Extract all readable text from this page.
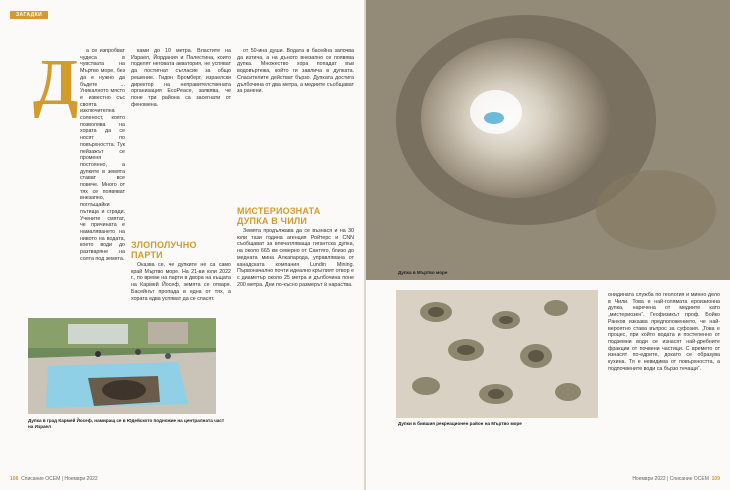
ЗАГАДКИ
Д	а се изпробват чудеса в чувствата на Мъртво море, без да е нужно да бъдете ... Уникалното място е известно със своята изключителна соленост, която позволява на хората да се носят по повърхността. Тук пейзажът се променя постоянно, а дупките в земята стават все повече. Много от тях се появяват внезапно, поглъщайки пътища и сгради. Учените смятат, че причината е намаляването на нивото на водата, което води до разтваряне на солта под земята.

ками до 10 метра. Властите на Израел, Йордания и Палестина, които поделят неговата акватория, не успяват да постигнат съгласие за общо решение. Гидон Бромберг, израелски директор на неправителствената организация EcoPeace, заявява, че поне три района са засегнати от феномена.

ЗЛОПОЛУЧНО ПАРТИ

Оказва се, че дупките не са само край Мъртво море. На 21-ви юли 2022 г., по време на парти в двора на къщата на Кармей Йосеф, земята се отваря. Басейнът пропада в една от тях, а хората едва успяват да се спасят.

от 50-ина души. Водата в басейна започва да изтича, а на дъното внезапно се появява дупка. Множество хора попадат във водовъртежа, който ги завлича в дупката. Спасителите действат бързо. Дупката достига дълбочина от два метра, а медиите съобщават за ранени.

МИСТЕРИОЗНАТА ДУПКА В ЧИЛИ

Земята продължава да се възнася и на 30 юли тази година агенция Ройтерс и CNN съобщават за впечатляваща гигантска дупка, на около 665 км северно от Сантяго, близо до медната мина Алкапарода, управлявана от канадската компания Lundin Mining. Първоначално почти идеално кръглият отвор е с диаметър около 25 метра и дълбочина поне 200 метра. Дни по-късно размерът ѝ нараства.

Дупка в град Кармей Йосеф, намиращ се в Юдейското подножие на централната част на Израел
108 Списание ОСЕМ | Ноември 2022
Дупка в Мъртво море
Дупки в бившия рекреационен район на Мъртво море

онидината служба по геология и минно дело в Чили. Това е най-голямата ероизионна дупка, наречена от медиите като „мистериозен“. Геофизикът проф. Бойко Ранков изказва предположението, че най-вероятно става въпрос за суфозия. „Това е процес, при който водата и постепенно от подземни води се изнасят най-дребните фракции от почвени частици. С времето от изнасят по-едрите, докато се образува кухина. Тя е невидима от повърхността, а подпочвените води са бързо течащи“.

Ноември 2022 | Списание ОСЕМ 109
